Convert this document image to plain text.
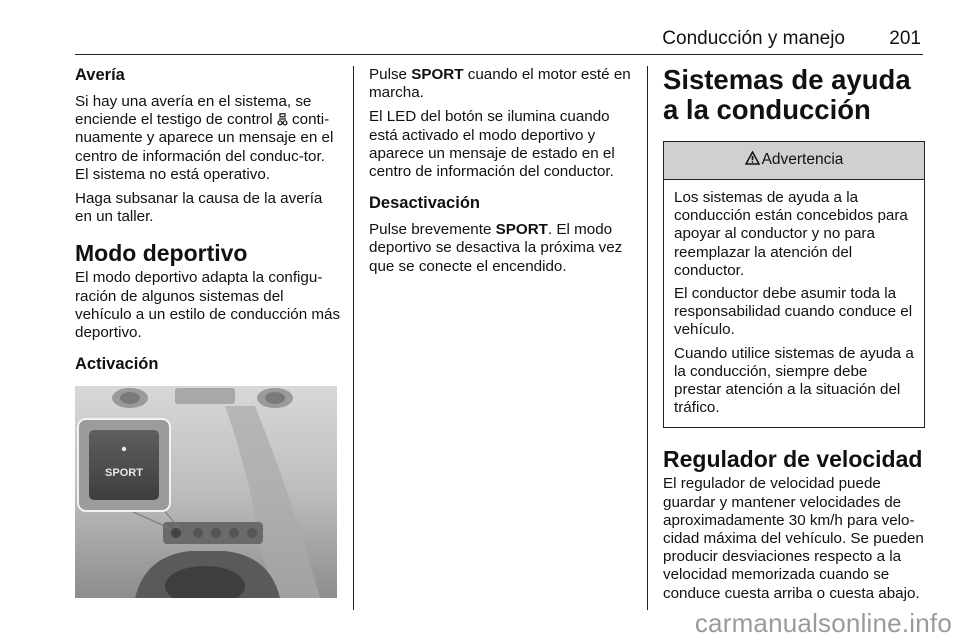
Conducción y manejo 201
Avería

Si hay una avería en el sistema, se enciende el testigo de control  conti-nuamente y aparece un mensaje en el centro de información del conduc-tor. El sistema no está operativo.

Haga subsanar la causa de la avería en un taller.

Modo deportivo

El modo deportivo adapta la configu-ración de algunos sistemas del vehículo a un estilo de conducción más deportivo.

Activación
SPORT

Pulse SPORT cuando el motor esté en marcha.

El LED del botón se ilumina cuando está activado el modo deportivo y aparece un mensaje de estado en el centro de información del conductor.

Desactivación

Pulse brevemente SPORT. El modo deportivo se desactiva la próxima vez que se conecte el encendido.

Sistemas de ayuda a la conducción
Advertencia

Los sistemas de ayuda a la conducción están concebidos para apoyar al conductor y no para reemplazar la atención del conductor.

El conductor debe asumir toda la responsabilidad cuando conduce el vehículo.

Cuando utilice sistemas de ayuda a la conducción, siempre debe prestar atención a la situación del tráfico.

Regulador de velocidad

El regulador de velocidad puede guardar y mantener velocidades de aproximadamente 30 km/h para velo-cidad máxima del vehículo. Se pueden producir desviaciones respecto a la velocidad memorizada cuando se conduce cuesta arriba o cuesta abajo.

carmanualsonline.info
